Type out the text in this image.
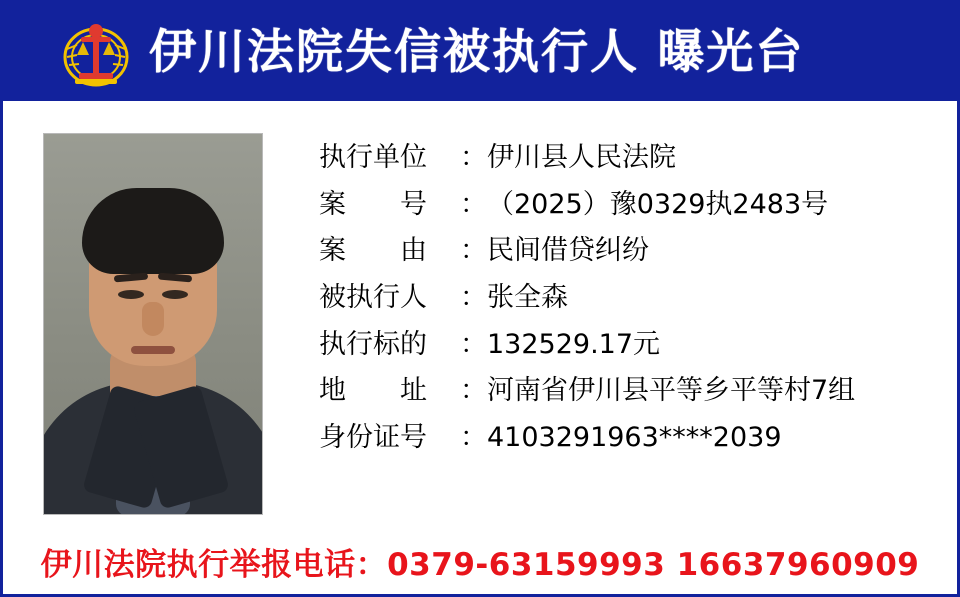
伊川法院失信被执行人 曝光台
执行单位 ： 伊川县人民法院
案　　号 ： （2025）豫0329执2483号
案　　由 ： 民间借贷纠纷
被执行人 ： 张全森
执行标的 ： 132529.17元
地　　址 ： 河南省伊川县平等乡平等村7组
身份证号 ： 4103291963****2039
伊川法院执行举报电话：0379-63159993 16637960909
